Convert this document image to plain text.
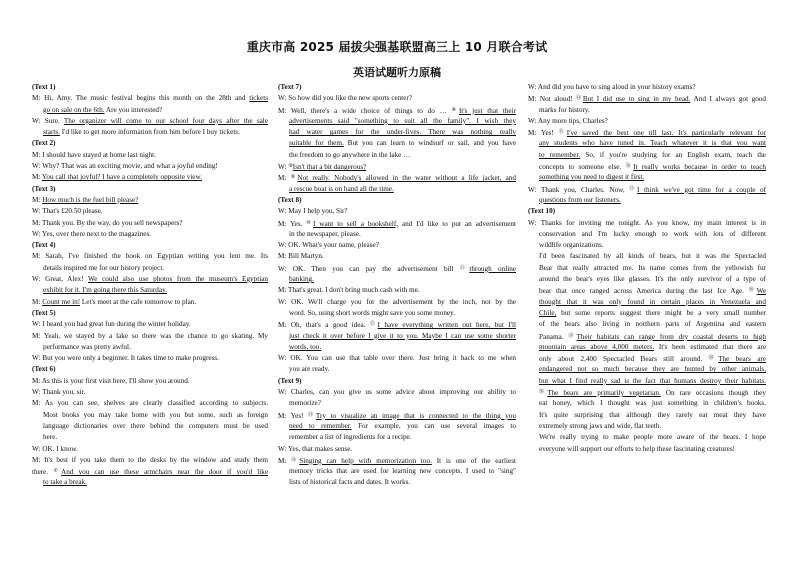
重庆市高 2025 届拔尖强基联盟高三上 10 月联合考试
英语试题听力原稿
(Text 1)
M: Hi, Amy. The music festival begins this month on the 28th and tickets
go on sale on the 6th. Are you interested?
W: Sure. The organizer will come to our school four days after the sale
starts. I'd like to get more information from him before I buy tickets.
(Text 2)
M: I should have stayed at home last night.
W: Why? That was an exciting movie, and what a joyful ending!
M: You call that joyful? I have a completely opposite view.
(Text 3)
M: How much is the fuel bill please?
W: That's £20.50 please.
M: Thank you. By the way, do you sell newspapers?
W: Yes, over there next to the magazines.
(Text 4)
M: Sarah, I've finished the book on Egyptian writing you lent me. Its
details inspired me for our history project.
W: Great, Alex! We could also use photos from the museum's Egyptian
exhibit for it. I'm going there this Saturday.
M: Count me in! Let's meet at the cafe tomorrow to plan.
(Text 5)
W: I heard you had great fun during the winter holiday.
M: Yeah, we stayed by a lake so there was the chance to go skating. My
performance was pretty awful.
W: But you were only a beginner. It takes time to make progress.
(Text 6)
M: As this is your first visit here, I'll show you around.
W: Thank you, sir.
M: As you can see, shelves are clearly classified according to subjects.
Most books you may take home with you but some, such as foreign
language dictionaries over there behind the computers must be used
here.
W: OK. I know.
M: It's best if you take them to the desks by the window and study them
there. ⑦And you can use these armchairs near the door if you'd like
to take a break.
(Text 7)
W: So how did you like the new sports center?
M: Well, there's a wide choice of things to do … ⑧It's just that their
advertisements said "something to suit all the family". I wish they
had water games for the under-fives. There was nothing really
suitable for them. But you can learn to windsurf or sail, and you have
the freedom to go anywhere in the lake …
W: ⑨Isn't that a bit dangerous?
M: ⑨Not really. Nobody's allowed in the water without a life jacket, and
a rescue boat is on hand all the time.
(Text 8)
W: May I help you, Sir?
M: Yes. ⑩I want to sell a bookshelf, and I'd like to put an advertisement
in the newspaper, please.
W: OK. What's your name, please?
M: Bill Martyn.
W: OK. Then you can pay the advertisement bill ⑪through online
banking.
M: That's great. I don't bring much cash with me.
W: OK. We'll charge you for the advertisement by the inch, not by the
word. So, using short words might save you some money.
M: Oh, that's a good idea. ⑫I have everything written out here, but I'll
just check it over before I give it to you. Maybe I can use some shorter
words, too.
W: OK. You can use that table over there. Just bring it back to me when
you are ready.
(Text 9)
W: Charles, can you give us some advice about improving our ability to
memorize?
M: Yes! ⑬Try to visualize an image that is connected to the thing you
need to remember. For example, you can use several images to
remember a list of ingredients for a recipe.
W: Yes, that makes sense.
M: ⑭Singing can help with memorization too. It is one of the earliest
memory tricks that are used for learning new concepts. I used to "sing"
lists of historical facts and dates. It works.
W: And did you have to sing aloud in your history exams?
M: Not aloud! ⑭But I did use to sing in my head. And I always got good
marks for history.
W: Any more tips, Charles?
M: Yes! ⑮I've saved the best one till last. It's particularly relevant for
any students who have tuned in. Teach whatever it is that you want
to remember. So, if you're studying for an English exam, teach the
concepts to someone else. ⑯It really works because in order to teach
something you need to digest it first.
W: Thank you, Charles. Now, ⑰I think we've got time for a couple of
questions from our listeners.
(Text 10)
W: Thanks for inviting me tonight. As you know, my main interest is in
conservation and I'm lucky enough to work with lots of different
wildlife organizations.
I'd been fascinated by all kinds of bears, but it was the Spectacled
Bear that really attracted me. Its name comes from the yellowish fur
around the bear's eyes like glasses. It's the only survivor of a type of
bear that once ranged across America during the last Ice Age. ⑱We
thought that it was only found in certain places in Venezuela and
Chile, but some reports suggest there might be a very small number
of the bears also living in northern parts of Argentina and eastern
Panama. ⑲Their habitats can range from dry coastal deserts to high
mountain areas above 4,000 meters. It's been estimated that there are
only about 2,400 Spectacled Bears still around. ⑳The bears are
endangered not so much because they are hunted by other animals,
but what I find really sad is the fact that humans destroy their habitats.
⑳The bears are primarily vegetarian. On rare occasions though they
eat honey, which I thought was just something in children's books.
It's quite surprising that although they rarely eat meat they have
extremely strong jaws and wide, flat teeth.
We're really trying to make people more aware of the bears. I hope
everyone will support our efforts to help these fascinating creatures!
